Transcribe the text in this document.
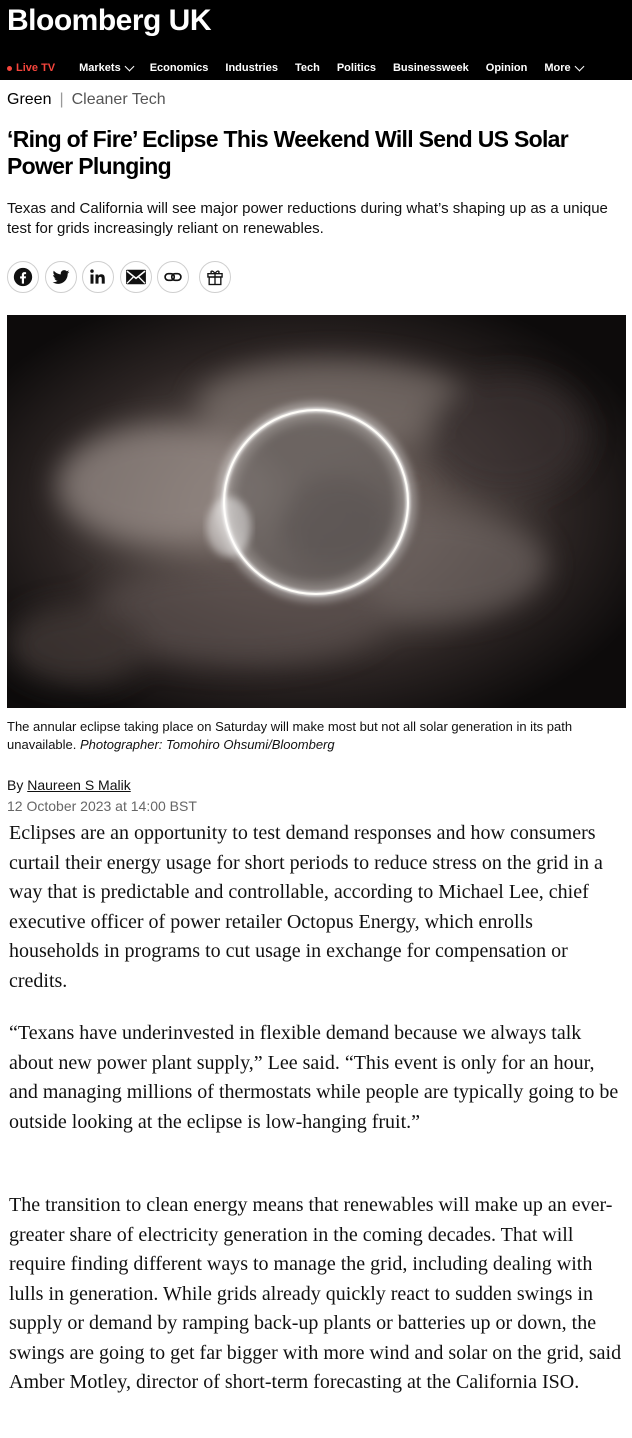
Bloomberg UK
Live TV Markets	Economics Industries Tech Politics Businessweek Opinion More
Green | Cleaner Tech
‘Ring of Fire’ Eclipse This Weekend Will Send US Solar Power Plunging

Texas and California will see major power reductions during what’s shaping up as a unique test for grids increasingly reliant on renewables.

The annular eclipse taking place on Saturday will make most but not all solar generation in its path unavailable. Photographer: Tomohiro Ohsumi/Bloomberg

By Naureen S Malik
12 October 2023 at 14:00 BST

Eclipses are an opportunity to test demand responses and how consumers curtail their energy usage for short periods to reduce stress on the grid in a way that is predictable and controllable, according to Michael Lee, chief executive officer of power retailer Octopus Energy, which enrolls households in programs to cut usage in exchange for compensation or credits.

“Texans have underinvested in flexible demand because we always talk about new power plant supply,” Lee said. “This event is only for an hour, and managing millions of thermostats while people are typically going to be outside looking at the eclipse is low-hanging fruit.”

The transition to clean energy means that renewables will make up an ever-greater share of electricity generation in the coming decades. That will require finding different ways to manage the grid, including dealing with lulls in generation. While grids already quickly react to sudden swings in supply or demand by ramping back-up plants or batteries up or down, the swings are going to get far bigger with more wind and solar on the grid, said Amber Motley, director of short-term forecasting at the California ISO.
